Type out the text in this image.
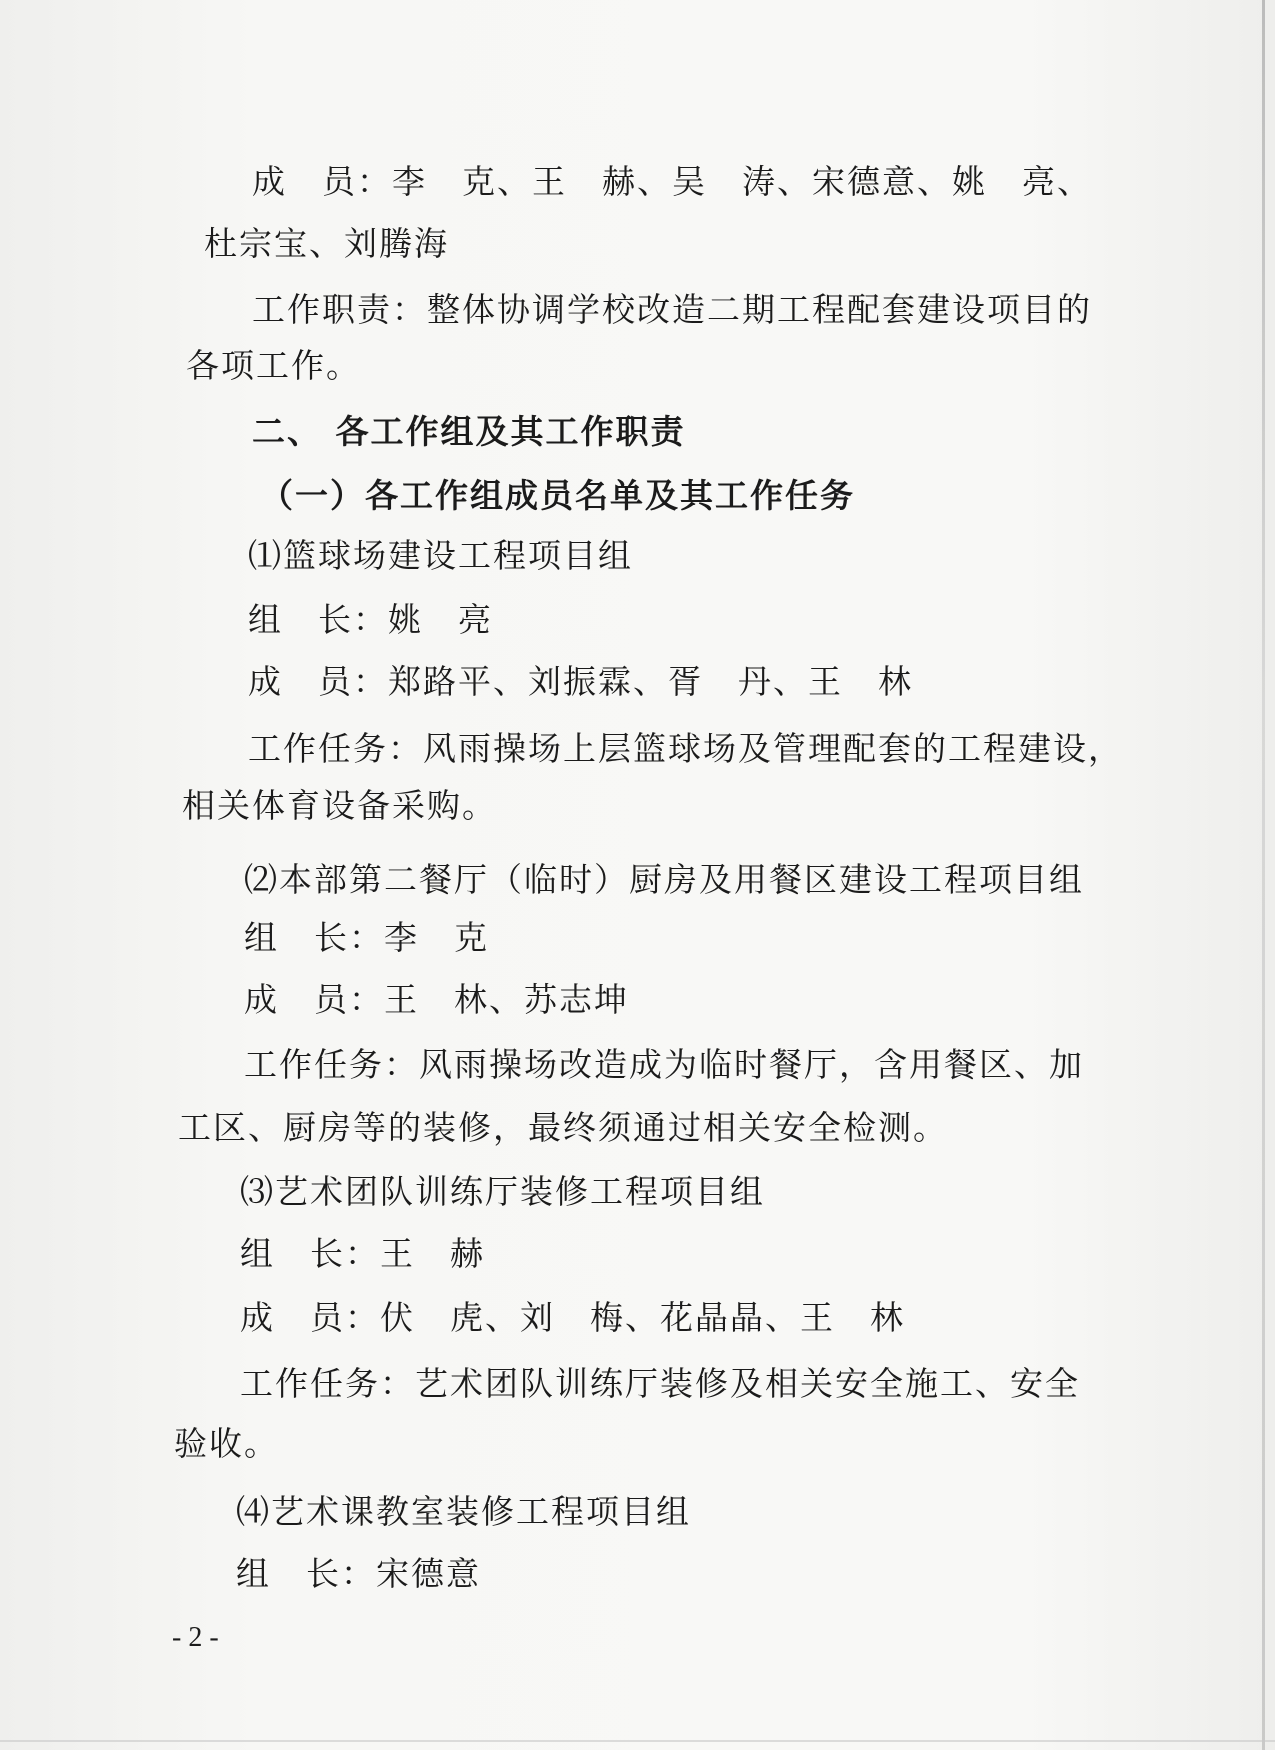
成　员：李　克、王　赫、吴　涛、宋德意、姚　亮、
杜宗宝、刘腾海
工作职责：整体协调学校改造二期工程配套建设项目的
各项工作。
二、 各工作组及其工作职责
（一）各工作组成员名单及其工作任务
⑴篮球场建设工程项目组
组　长：姚　亮
成　员：郑路平、刘振霖、胥　丹、王　林
工作任务：风雨操场上层篮球场及管理配套的工程建设，
相关体育设备采购。
⑵本部第二餐厅（临时）厨房及用餐区建设工程项目组
组　长：李　克
成　员：王　林、苏志坤
工作任务：风雨操场改造成为临时餐厅，含用餐区、加
工区、厨房等的装修，最终须通过相关安全检测。
⑶艺术团队训练厅装修工程项目组
组　长：王　赫
成　员：伏　虎、刘　梅、花晶晶、王　林
工作任务：艺术团队训练厅装修及相关安全施工、安全
验收。
⑷艺术课教室装修工程项目组
组　长：宋德意
- 2 -
